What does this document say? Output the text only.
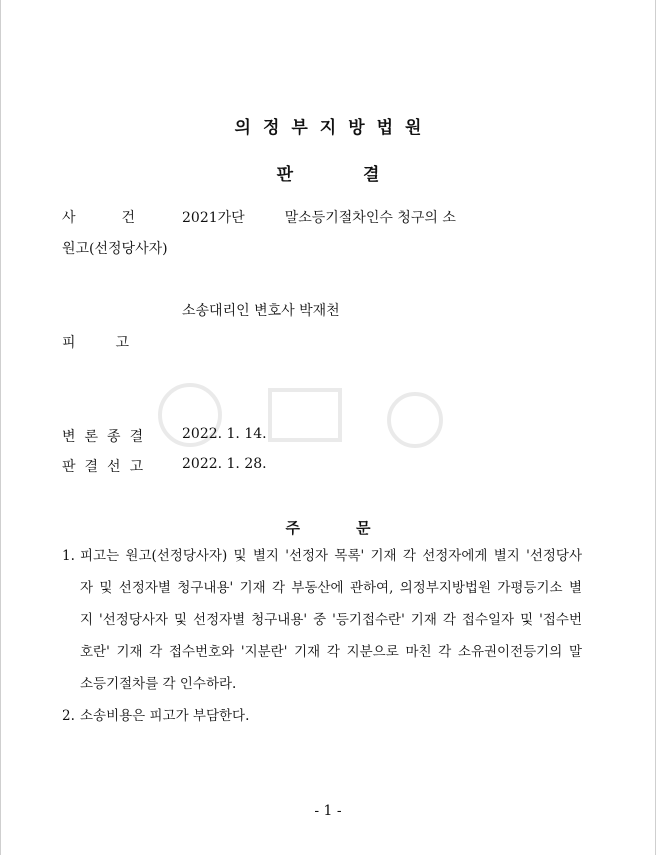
의정부지방법원
판	결
사건 2021가단	말소등기절차인수 청구의 소
원고(선정당사자)
소송대리인 변호사 박재천
피고
변론종결 2022. 1. 14.
판결선고 2022. 1. 28.
주	문
1. 피고는 원고(선정당사자) 및 별지 '선정자 목록' 기재 각 선정자에게 별지 '선정당사
자 및 선정자별 청구내용' 기재 각 부동산에 관하여, 의정부지방법원 가평등기소 별
지 '선정당사자 및 선정자별 청구내용' 중 '등기접수란' 기재 각 접수일자 및 '접수번
호란' 기재 각 접수번호와 '지분란' 기재 각 지분으로 마친 각 소유권이전등기의 말
소등기절차를 각 인수하라.
2. 소송비용은 피고가 부담한다.
- 1 -
